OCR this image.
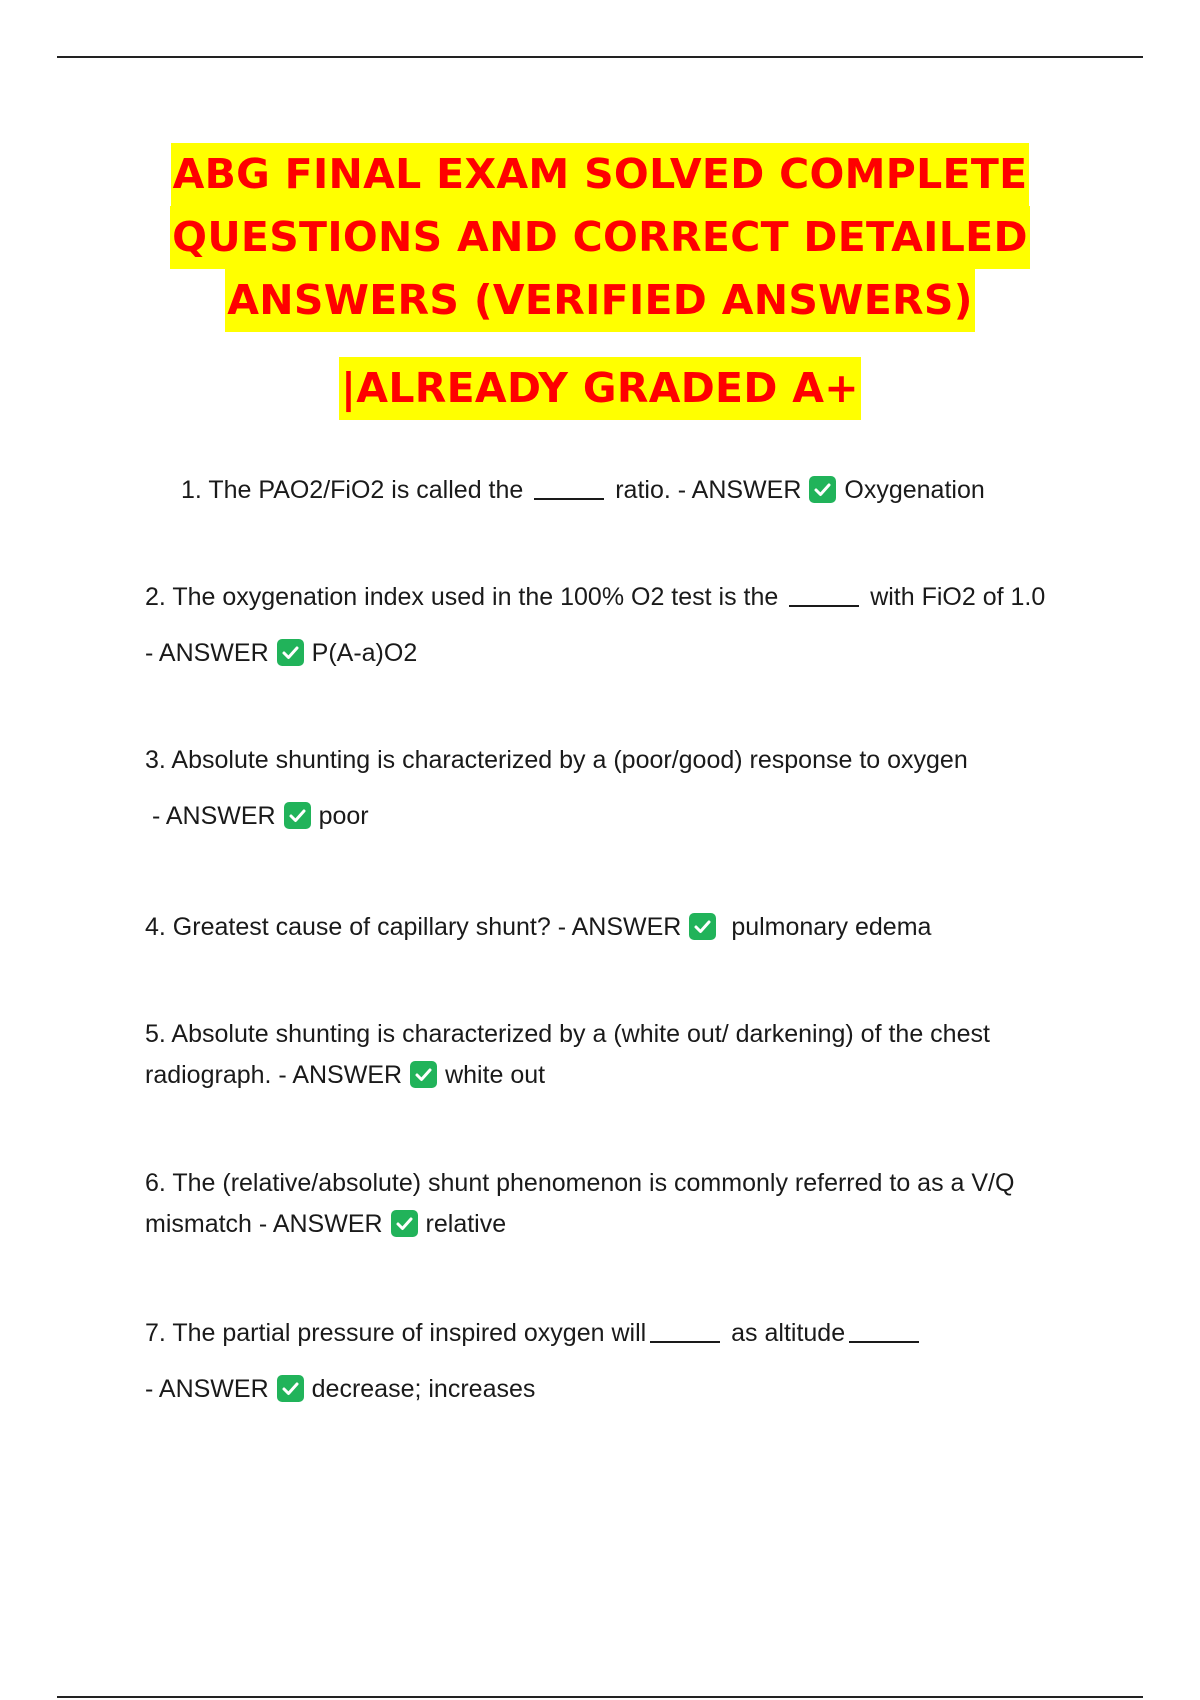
ABG FINAL EXAM SOLVED COMPLETE
QUESTIONS AND CORRECT DETAILED
ANSWERS (VERIFIED ANSWERS)
|ALREADY GRADED A+
1. The PAO2/FiO2 is called the	ratio. - ANSWER Oxygenation
2. The oxygenation index used in the 100% O2 test is the	with FiO2 of 1.0
- ANSWER P(A-a)O2
3. Absolute shunting is characterized by a (poor/good) response to oxygen
- ANSWER poor
4. Greatest cause of capillary shunt? - ANSWER pulmonary edema
5. Absolute shunting is characterized by a (white out/ darkening) of the chest
radiograph. - ANSWER white out
6. The (relative/absolute) shunt phenomenon is commonly referred to as a V/Q
mismatch - ANSWER relative
7. The partial pressure of inspired oxygen will	as altitude
- ANSWER decrease; increases
